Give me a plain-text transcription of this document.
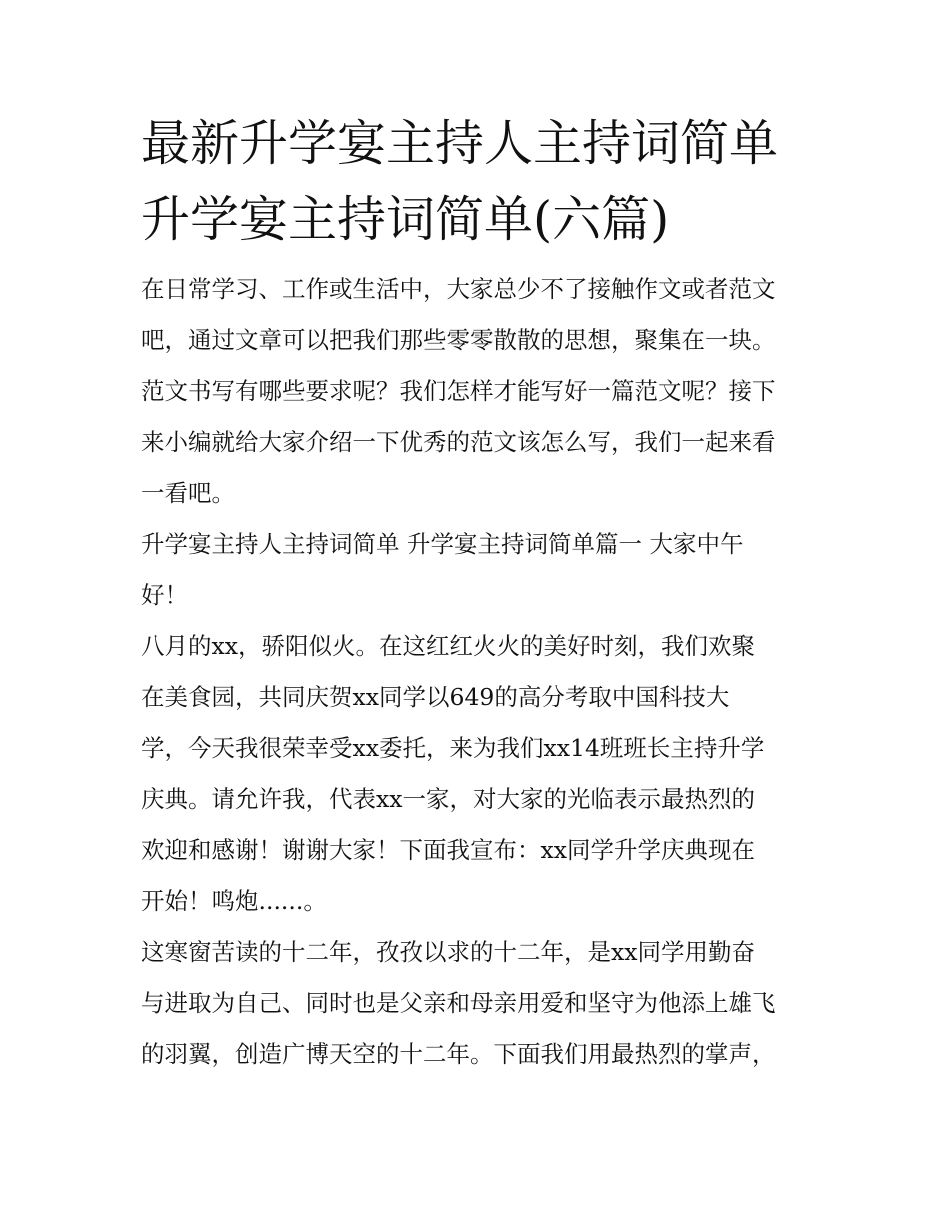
最新升学宴主持人主持词简单
升学宴主持词简单(六篇)
在日常学习、工作或生活中，大家总少不了接触作文或者范文
吧，通过文章可以把我们那些零零散散的思想，聚集在一块。
范文书写有哪些要求呢？我们怎样才能写好一篇范文呢？接下
来小编就给大家介绍一下优秀的范文该怎么写，我们一起来看
一看吧。
升学宴主持人主持词简单 升学宴主持词简单篇一 大家中午
好！
八月的xx，骄阳似火。在这红红火火的美好时刻，我们欢聚
在美食园，共同庆贺xx同学以649的高分考取中国科技大
学，今天我很荣幸受xx委托，来为我们xx14班班长主持升学
庆典。请允许我，代表xx一家，对大家的光临表示最热烈的
欢迎和感谢！谢谢大家！下面我宣布：xx同学升学庆典现在
开始！鸣炮......。
这寒窗苦读的十二年，孜孜以求的十二年，是xx同学用勤奋
与进取为自己、同时也是父亲和母亲用爱和坚守为他添上雄飞
的羽翼，创造广博天空的十二年。下面我们用最热烈的掌声，
